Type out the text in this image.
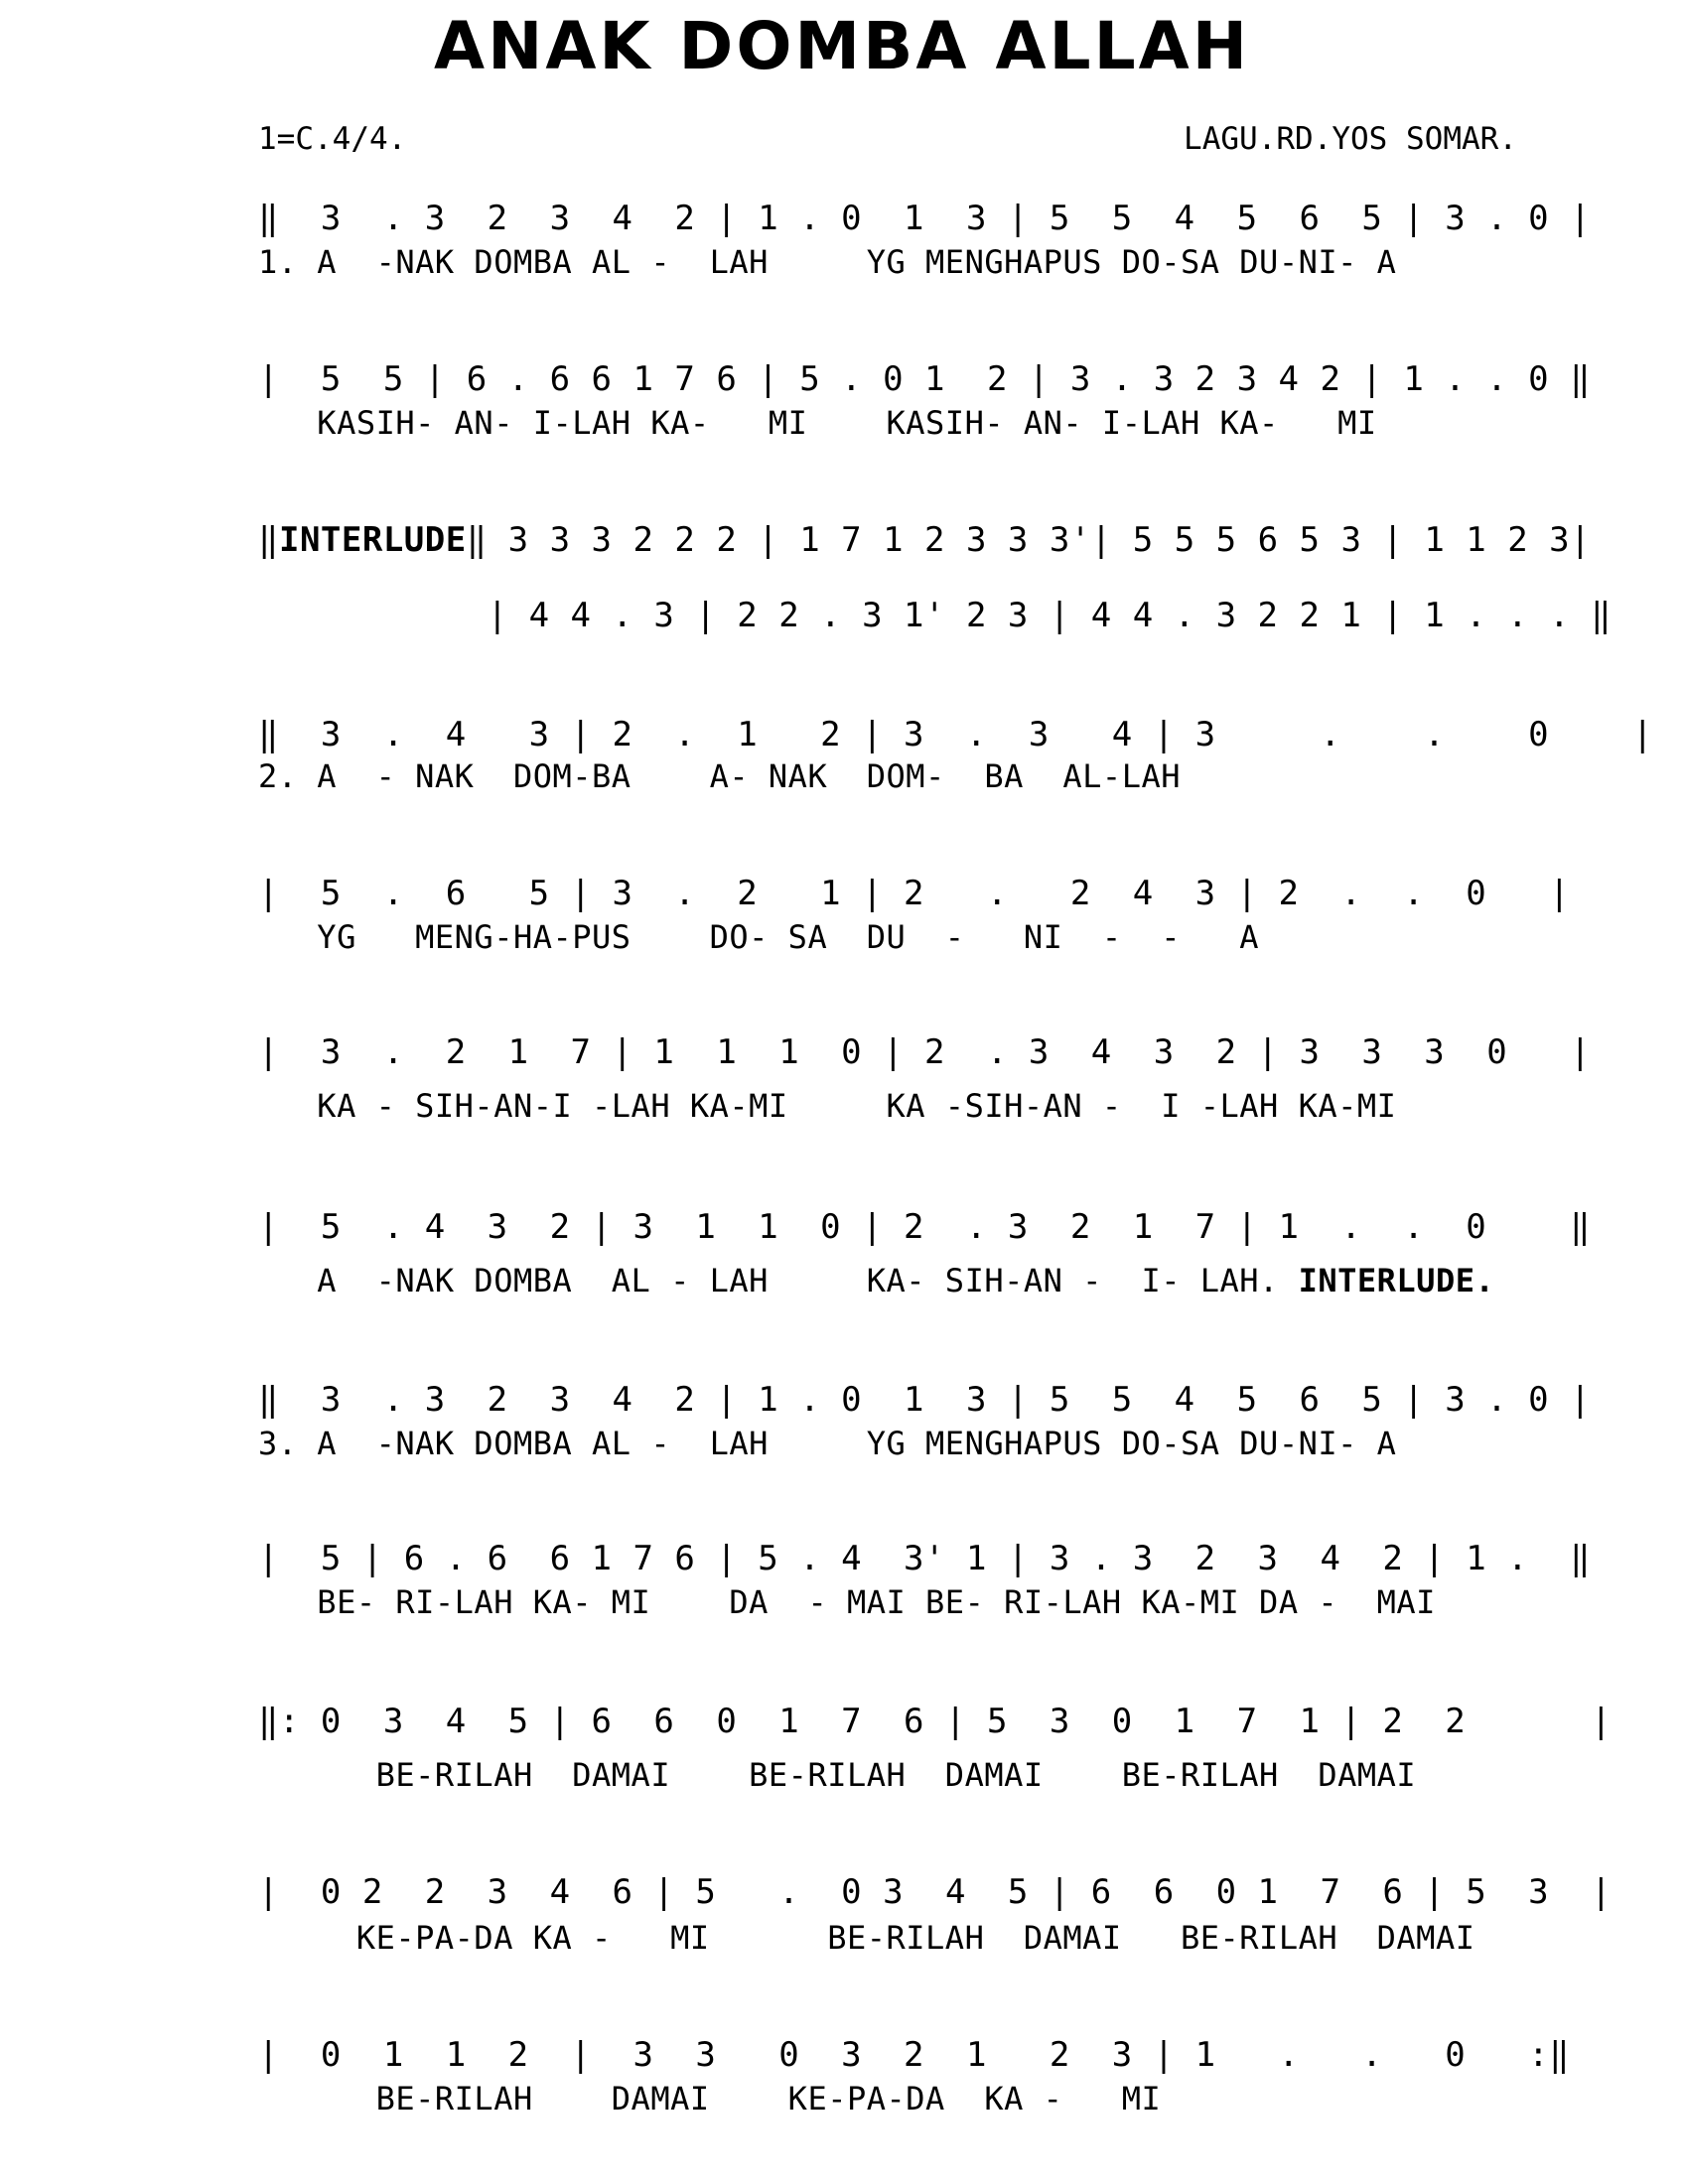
ANAK DOMBA ALLAH
1=C.4/4.	LAGU.RD.YOS SOMAR.
‖  3  . 3  2  3  4  2 | 1 . 0  1  3 | 5  5  4  5  6  5 | 3 . 0 |
1. A  -NAK DOMBA AL -  LAH     YG MENGHAPUS DO-SA DU-NI- A
|  5  5 | 6 . 6 6 1 7 6 | 5 . 0 1  2 | 3 . 3 2 3 4 2 | 1 . . 0 ‖
KASIH- AN- I-LAH KA-   MI    KASIH- AN- I-LAH KA-   MI
‖INTERLUDE‖ 3 3 3 2 2 2 | 1 7 1 2 3 3 3'| 5 5 5 6 5 3 | 1 1 2 3|
| 4 4 . 3 | 2 2 . 3 1' 2 3 | 4 4 . 3 2 2 1 | 1 . . . ‖
‖  3  .  4   3 | 2  .  1   2 | 3  .  3   4 | 3     .    .    0    |
2. A  - NAK  DOM-BA    A- NAK  DOM-  BA  AL-LAH
|  5  .  6   5 | 3  .  2   1 | 2   .   2  4  3 | 2  .  .  0   |
YG   MENG-HA-PUS    DO- SA  DU  -   NI  -  -   A
|  3  .  2  1  7 | 1  1  1  0 | 2  . 3  4  3  2 | 3  3  3  0   |
KA - SIH-AN-I -LAH KA-MI     KA -SIH-AN -  I -LAH KA-MI
|  5  . 4  3  2 | 3  1  1  0 | 2  . 3  2  1  7 | 1  .  .  0    ‖
A  -NAK DOMBA  AL - LAH     KA- SIH-AN -  I- LAH. INTERLUDE.
‖  3  . 3  2  3  4  2 | 1 . 0  1  3 | 5  5  4  5  6  5 | 3 . 0 |
3. A  -NAK DOMBA AL -  LAH     YG MENGHAPUS DO-SA DU-NI- A
|  5 | 6 . 6  6 1 7 6 | 5 . 4  3' 1 | 3 . 3  2  3  4  2 | 1 .  ‖
BE- RI-LAH KA- MI    DA  - MAI BE- RI-LAH KA-MI DA -  MAI
‖: 0  3  4  5 | 6  6  0  1  7  6 | 5  3  0  1  7  1 | 2  2      |
BE-RILAH  DAMAI    BE-RILAH  DAMAI    BE-RILAH  DAMAI
|  0 2  2  3  4  6 | 5   .  0 3  4  5 | 6  6  0 1  7  6 | 5  3  |
KE-PA-DA KA -   MI      BE-RILAH  DAMAI   BE-RILAH  DAMAI
|  0  1  1  2  |  3  3   0  3  2  1   2  3 | 1   .   .   0   :‖
BE-RILAH    DAMAI    KE-PA-DA  KA -   MI
